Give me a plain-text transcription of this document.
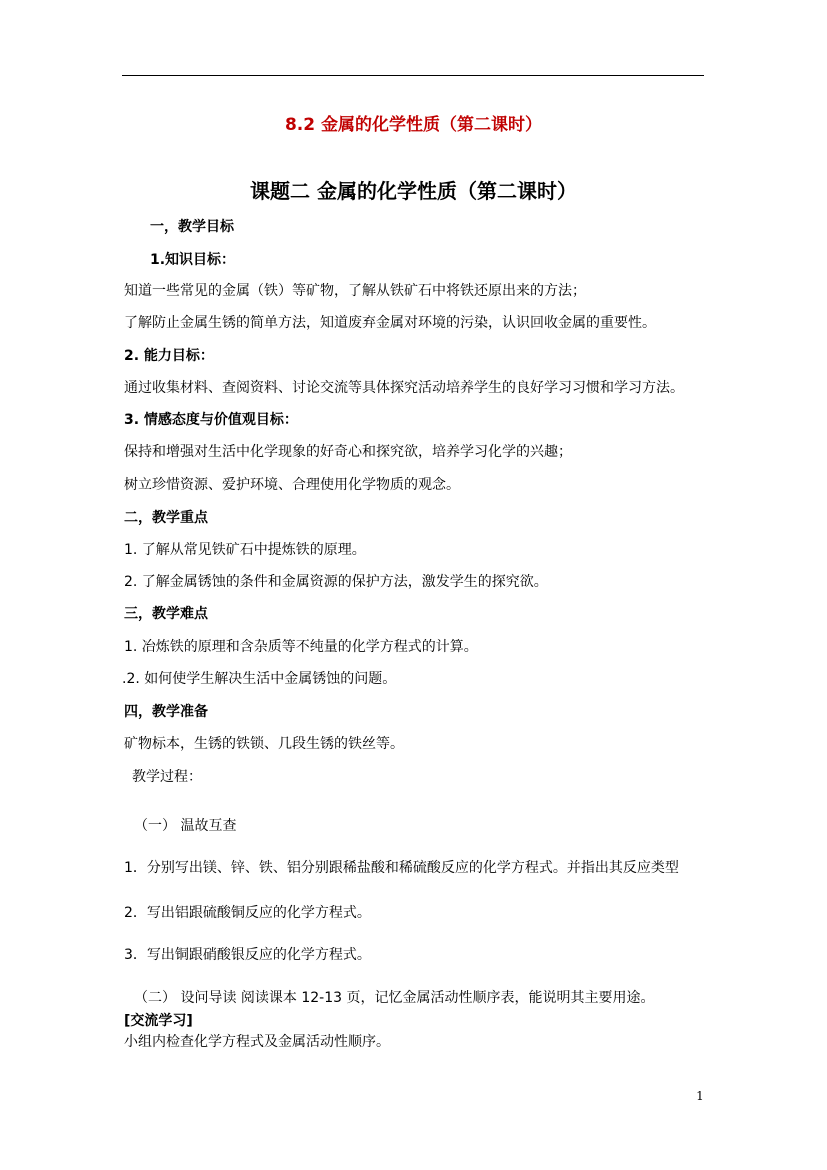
8.2 金属的化学性质（第二课时）
课题二 金属的化学性质（第二课时）
一，教学目标
1.知识目标：
知道一些常见的金属（铁）等矿物，了解从铁矿石中将铁还原出来的方法；
了解防止金属生锈的简单方法，知道废弃金属对环境的污染，认识回收金属的重要性。
2. 能力目标：
通过收集材料、查阅资料、讨论交流等具体探究活动培养学生的良好学习习惯和学习方法。
3. 情感态度与价值观目标：
保持和增强对生活中化学现象的好奇心和探究欲，培养学习化学的兴趣；
树立珍惜资源、爱护环境、合理使用化学物质的观念。
二，教学重点
1. 了解从常见铁矿石中提炼铁的原理。
2. 了解金属锈蚀的条件和金属资源的保护方法，激发学生的探究欲。
三，教学难点
1. 冶炼铁的原理和含杂质等不纯量的化学方程式的计算。
.2. 如何使学生解决生活中金属锈蚀的问题。
四，教学准备
矿物标本，生锈的铁锁、几段生锈的铁丝等。
教学过程：
（一） 温故互查
1．分别写出镁、锌、铁、铝分别跟稀盐酸和稀硫酸反应的化学方程式。并指出其反应类型
2．写出铝跟硫酸铜反应的化学方程式。
3．写出铜跟硝酸银反应的化学方程式。
（二） 设问导读 阅读课本 12-13 页，记忆金属活动性顺序表，能说明其主要用途。
[交流学习]
小组内检查化学方程式及金属活动性顺序。
1
